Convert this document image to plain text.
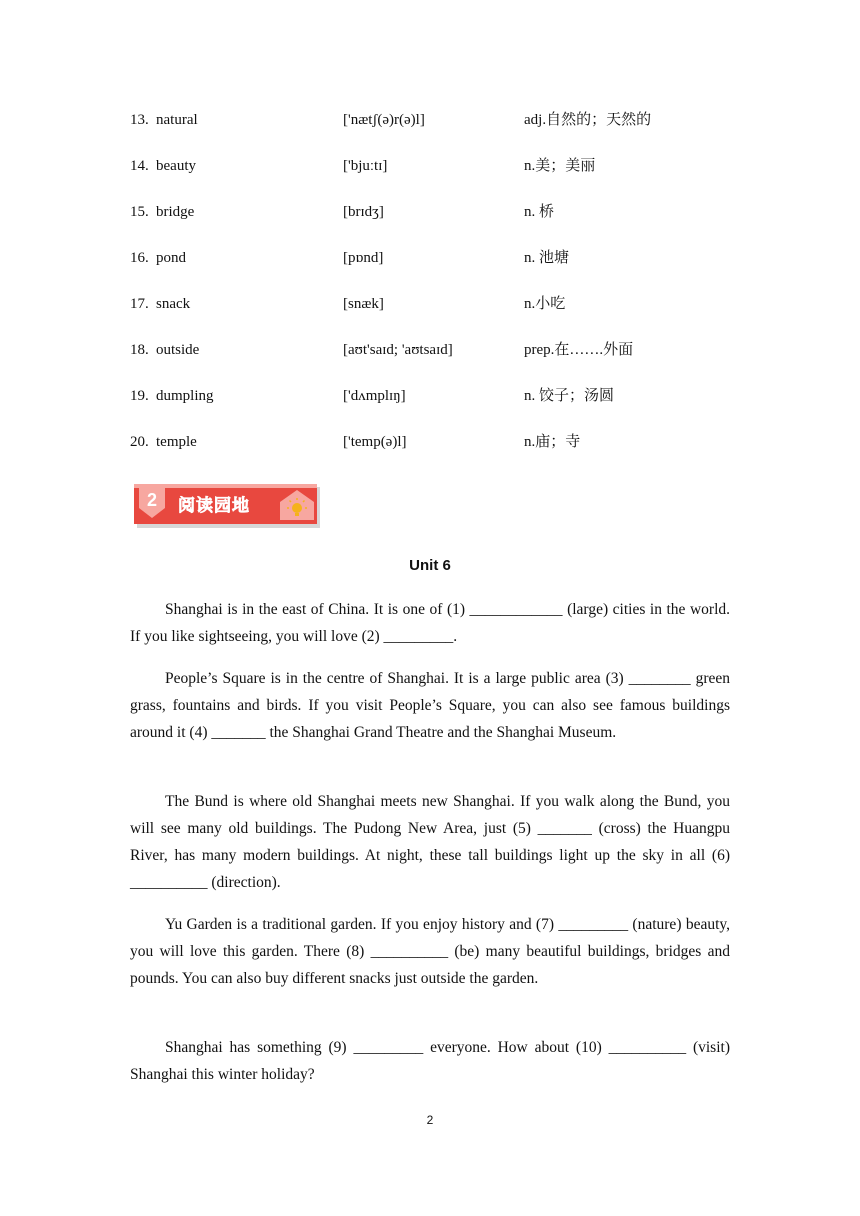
13. natural	['nætʃ(ə)r(ə)l]	adj.自然的；天然的
14. beauty	['bjuːtɪ]	n.美；美丽
15. bridge	[brɪdʒ]	n. 桥
16. pond	[pɒnd]	n. 池塘
17. snack	[snæk]	n.小吃
18. outside	[aʊt'saɪd; 'aʊtsaɪd]	prep.在…….外面
19. dumpling	['dʌmplɪŋ]	n. 饺子；汤圆
20. temple	['temp(ə)l]	n.庙；寺
2 阅读园地
Unit 6

Shanghai is in the east of China. It is one of (1) ____________ (large) cities in the world. If you like sightseeing, you will love (2) _________.

People’s Square is in the centre of Shanghai. It is a large public area (3) ________ green grass, fountains and birds. If you visit People’s Square, you can also see famous buildings around it (4) _______ the Shanghai Grand Theatre and the Shanghai Museum.

The Bund is where old Shanghai meets new Shanghai. If you walk along the Bund, you will see many old buildings. The Pudong New Area, just (5) _______ (cross) the Huangpu River, has many modern buildings. At night, these tall buildings light up the sky in all (6) __________ (direction).

Yu Garden is a traditional garden. If you enjoy history and (7) _________ (nature) beauty, you will love this garden. There (8) __________ (be) many beautiful buildings, bridges and pounds. You can also buy different snacks just outside the garden.

Shanghai has something (9) _________ everyone. How about (10) __________ (visit) Shanghai this winter holiday?

2
